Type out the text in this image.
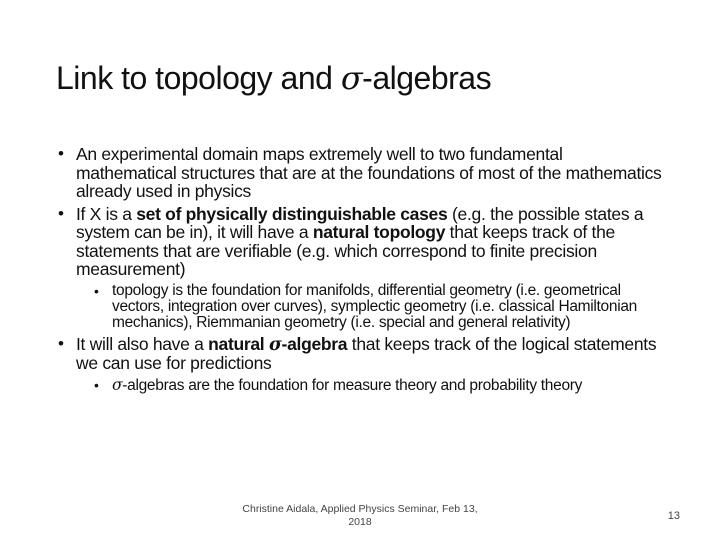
Link to topology and σ-algebras
• An experimental domain maps extremely well to two fundamental mathematical structures that are at the foundations of most of the mathematics already used in physics
• If X is a set of physically distinguishable cases (e.g. the possible states a system can be in), it will have a natural topology that keeps track of the statements that are verifiable (e.g. which correspond to finite precision measurement)
• topology is the foundation for manifolds, differential geometry (i.e. geometrical vectors, integration over curves), symplectic geometry (i.e. classical Hamiltonian mechanics), Riemmanian geometry (i.e. special and general relativity)
• It will also have a natural σ-algebra that keeps track of the logical statements we can use for predictions
• σ-algebras are the foundation for measure theory and probability theory
Christine Aidala, Applied Physics Seminar, Feb 13, 2018	13
